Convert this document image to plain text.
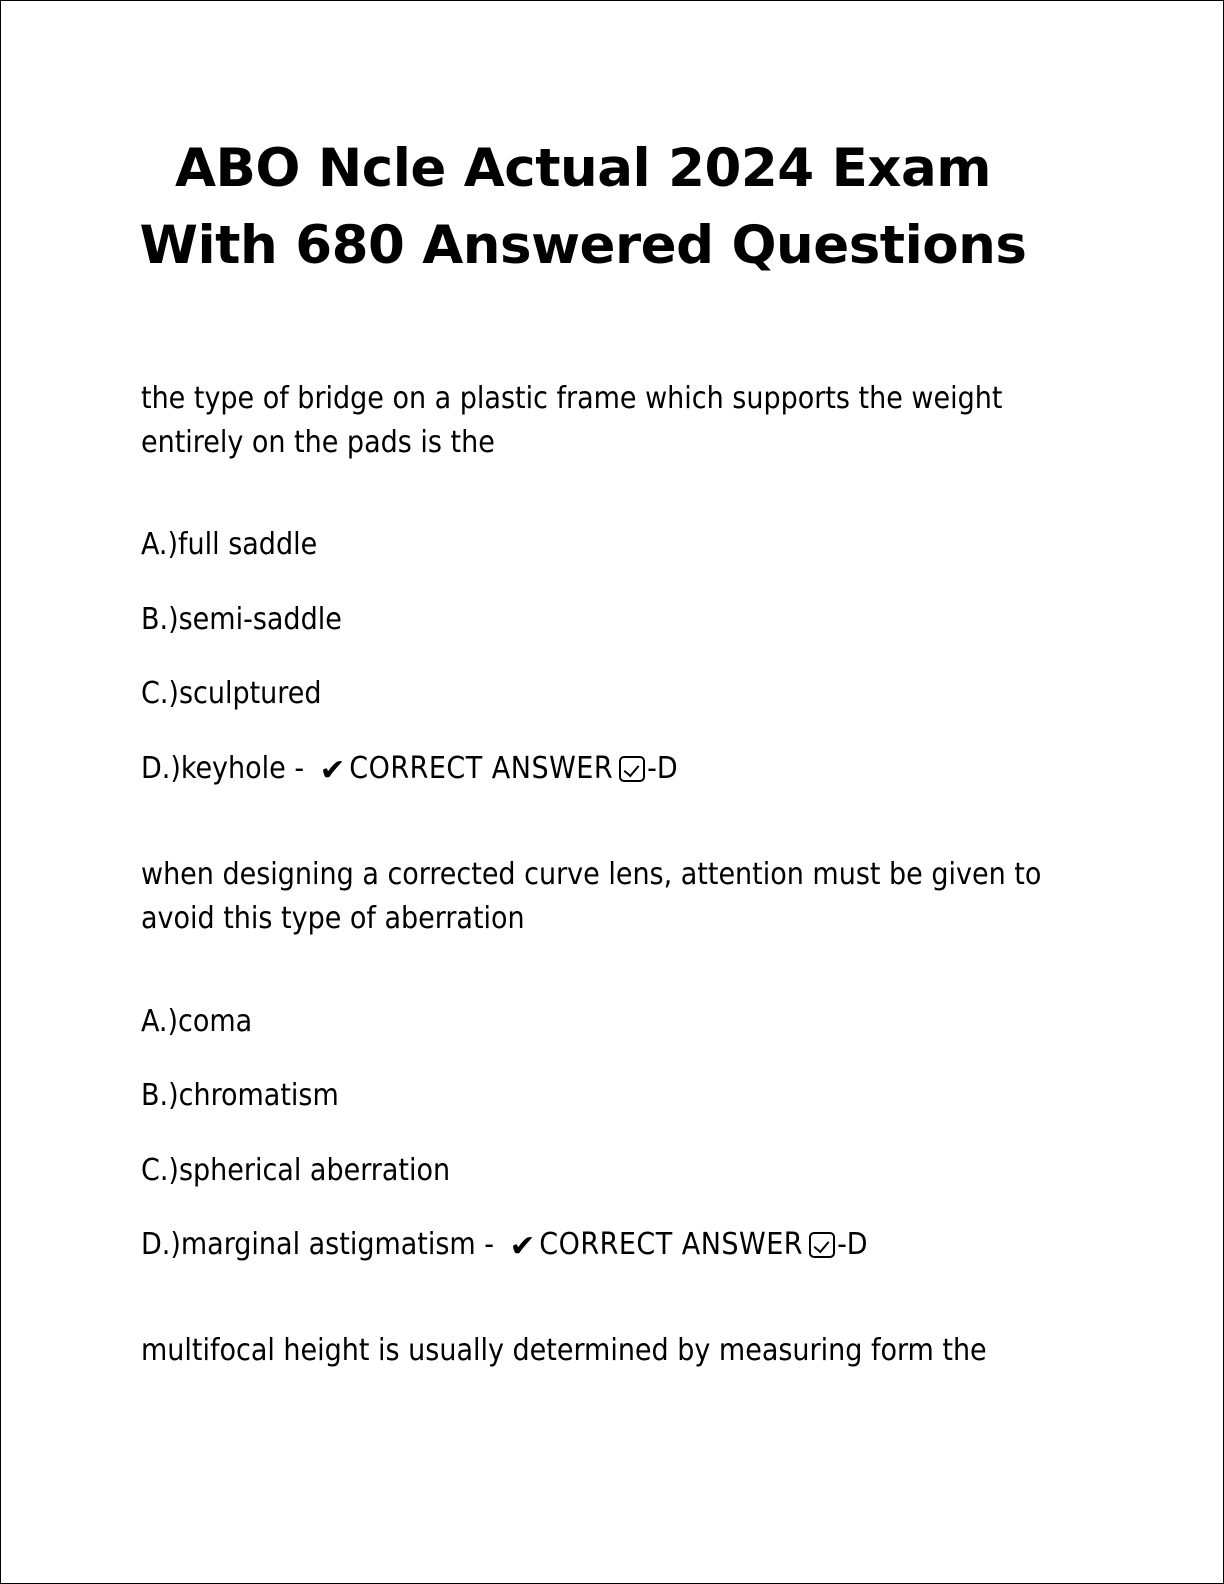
ABO Ncle Actual 2024 Exam
With 680 Answered Questions

the type of bridge on a plastic frame which supports the weight entirely on the pads is the

A.)full saddle

B.)semi-saddle

C.)sculptured

D.)keyhole - ✔ CORRECT ANSWER -D

when designing a corrected curve lens, attention must be given to avoid this type of aberration

A.)coma

B.)chromatism

C.)spherical aberration

D.)marginal astigmatism - ✔ CORRECT ANSWER -D

multifocal height is usually determined by measuring form the
